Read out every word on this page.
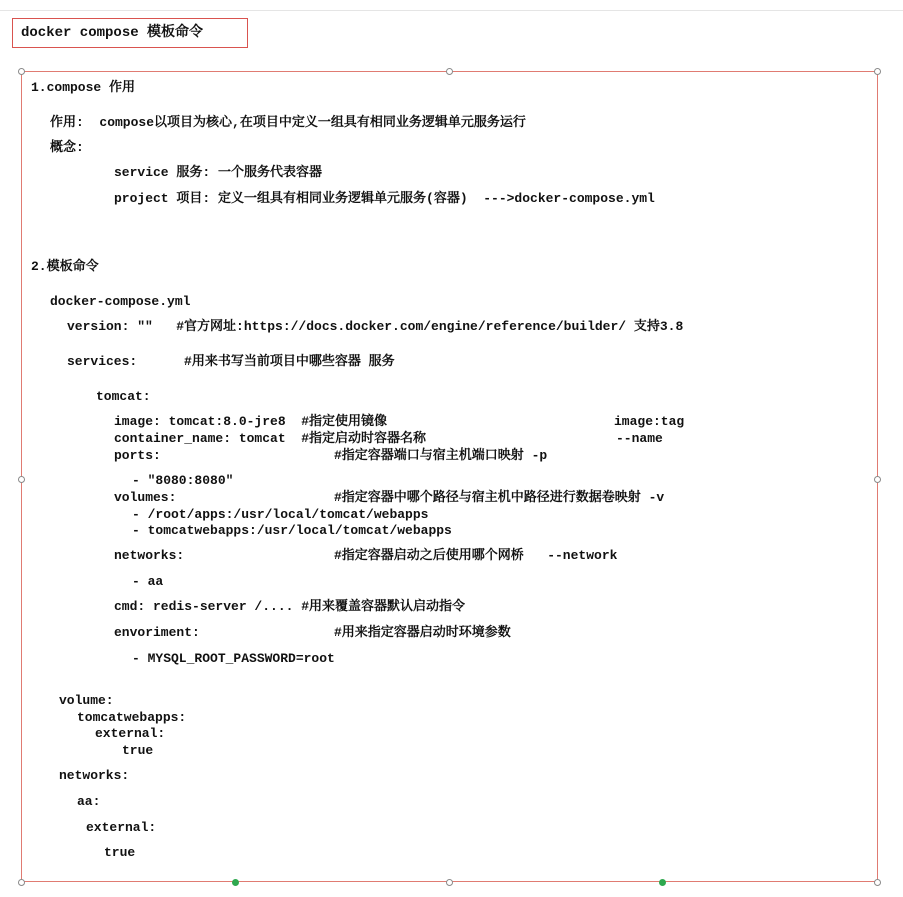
docker compose 模板命令
1.compose 作用
作用:  compose以项目为核心,在项目中定义一组具有相同业务逻辑单元服务运行
概念:
service 服务: 一个服务代表容器
project 项目: 定义一组具有相同业务逻辑单元服务(容器)  --->docker-compose.yml
2.模板命令
docker-compose.yml
version: ""   #官方网址:https://docs.docker.com/engine/reference/builder/ 支持3.8
services:      #用来书写当前项目中哪些容器 服务
tomcat:
image: tomcat:8.0-jre8  #指定使用镜像	image:tag
container_name: tomcat  #指定启动时容器名称	--name
ports:	#指定容器端口与宿主机端口映射 -p
- "8080:8080"
volumes:	#指定容器中哪个路径与宿主机中路径进行数据卷映射 -v
- /root/apps:/usr/local/tomcat/webapps
- tomcatwebapps:/usr/local/tomcat/webapps
networks:	#指定容器启动之后使用哪个网桥   --network
- aa
cmd: redis-server /.... #用来覆盖容器默认启动指令
envoriment:	#用来指定容器启动时环境参数
- MYSQL_ROOT_PASSWORD=root
volume:
tomcatwebapps:
external:
true
networks:
aa:
external:
true
